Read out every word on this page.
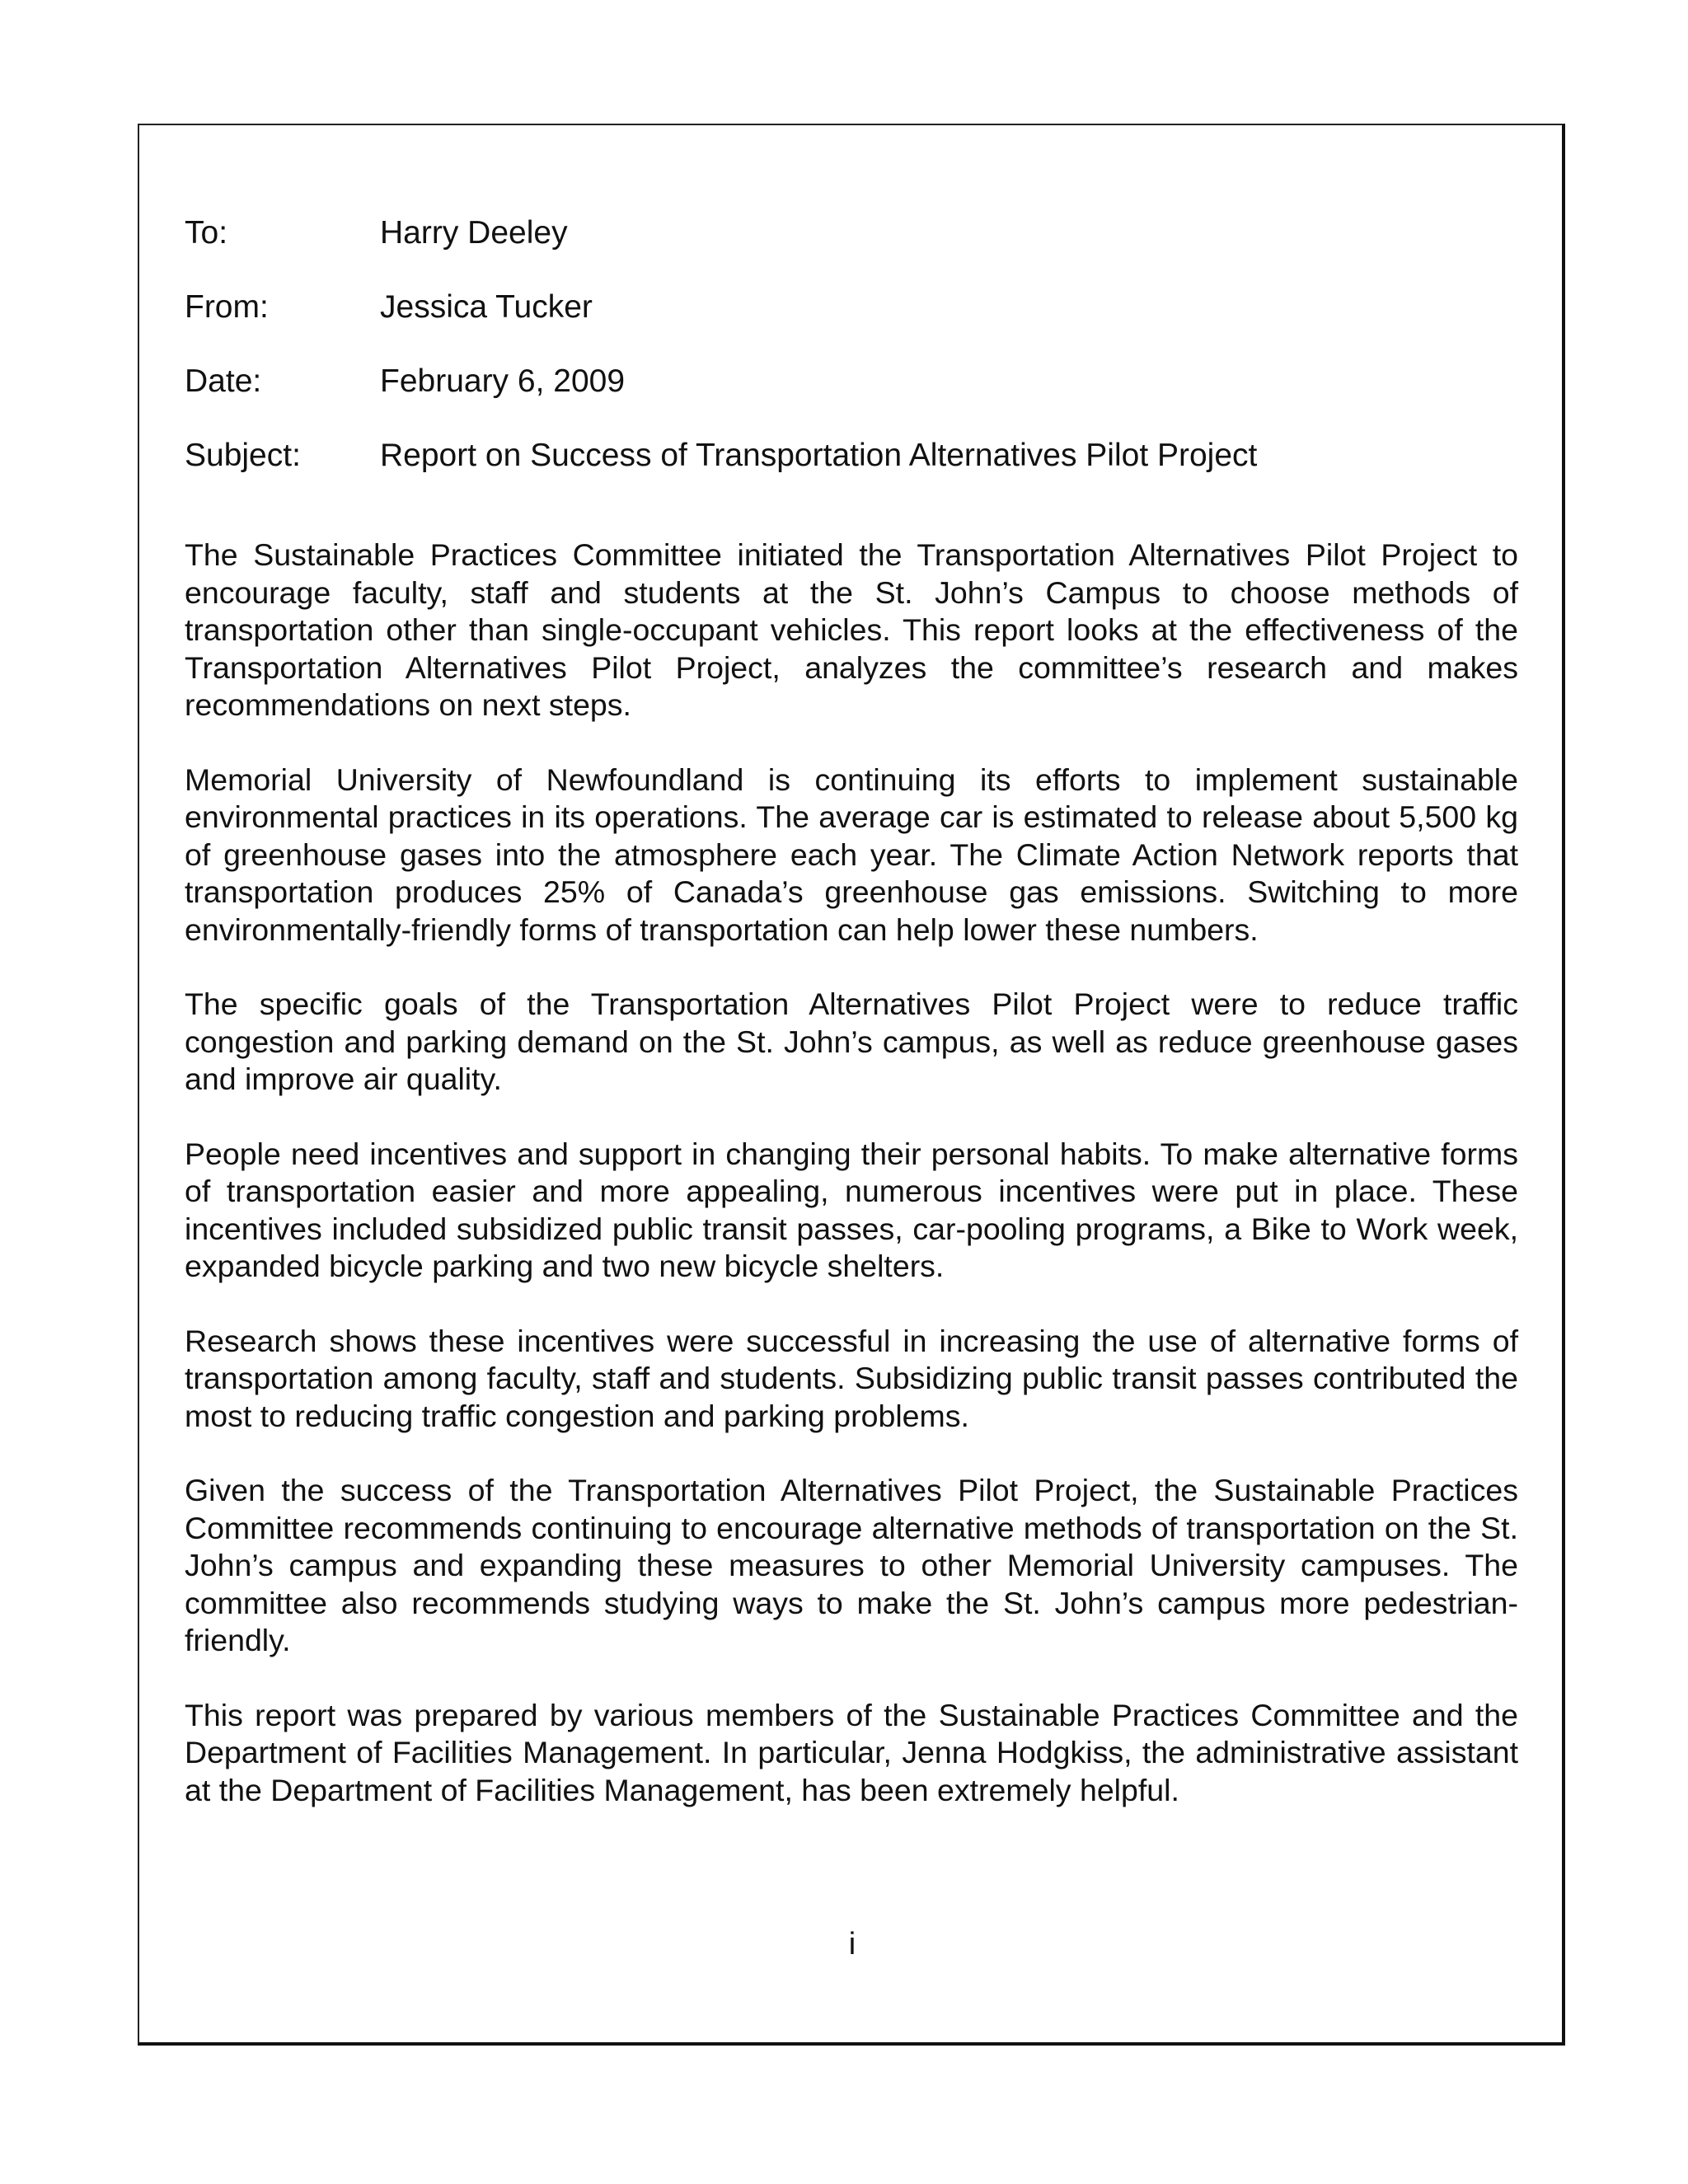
To:	Harry Deeley
From:	Jessica Tucker
Date:	February 6, 2009
Subject:	Report on Success of Transportation Alternatives Pilot Project

The Sustainable Practices Committee initiated the Transportation Alternatives Pilot Project to encourage faculty, staff and students at the St. John’s Campus to choose methods of transportation other than single-occupant vehicles. This report looks at the effectiveness of the Transportation Alternatives Pilot Project, analyzes the committee’s research and makes recommendations on next steps.

Memorial University of Newfoundland is continuing its efforts to implement sustainable environmental practices in its operations. The average car is estimated to release about 5,500 kg of greenhouse gases into the atmosphere each year. The Climate Action Network reports that transportation produces 25% of Canada’s greenhouse gas emissions. Switching to more environmentally-friendly forms of transportation can help lower these numbers.

The specific goals of the Transportation Alternatives Pilot Project were to reduce traffic congestion and parking demand on the St. John’s campus, as well as reduce greenhouse gases and improve air quality.

People need incentives and support in changing their personal habits. To make alternative forms of transportation easier and more appealing, numerous incentives were put in place. These incentives included subsidized public transit passes, car-pooling programs, a Bike to Work week, expanded bicycle parking and two new bicycle shelters.

Research shows these incentives were successful in increasing the use of alternative forms of transportation among faculty, staff and students. Subsidizing public transit passes contributed the most to reducing traffic congestion and parking problems.

Given the success of the Transportation Alternatives Pilot Project, the Sustainable Practices Committee recommends continuing to encourage alternative methods of transportation on the St. John’s campus and expanding these measures to other Memorial University campuses. The committee also recommends studying ways to make the St. John’s campus more pedestrian-friendly.

This report was prepared by various members of the Sustainable Practices Committee and the Department of Facilities Management. In particular, Jenna Hodgkiss, the administrative assistant at the Department of Facilities Management, has been extremely helpful.

i
